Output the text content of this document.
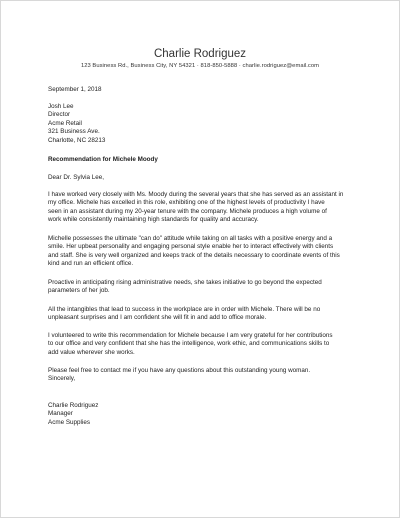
Charlie Rodriguez
123 Business Rd., Business City, NY 54321 · 818-850-5888 · charlie.rodriguez@email.com
September 1, 2018
Josh Lee
Director
Acme Retail
321 Business Ave.
Charlotte, NC 28213
Recommendation for Michele Moody
Dear Dr. Sylvia Lee,
I have worked very closely with Ms. Moody during the several years that she has served as an assistant in
my office. Michele has excelled in this role, exhibiting one of the highest levels of productivity I have
seen in an assistant during my 20-year tenure with the company. Michele produces a high volume of
work while consistently maintaining high standards for quality and accuracy.
Michelle possesses the ultimate "can do" attitude while taking on all tasks with a positive energy and a
smile. Her upbeat personality and engaging personal style enable her to interact effectively with clients
and staff. She is very well organized and keeps track of the details necessary to coordinate events of this
kind and run an efficient office.
Proactive in anticipating rising administrative needs, she takes initiative to go beyond the expected
parameters of her job.
All the intangibles that lead to success in the workplace are in order with Michele. There will be no
unpleasant surprises and I am confident she will fit in and add to office morale.
I volunteered to write this recommendation for Michele because I am very grateful for her contributions
to our office and very confident that she has the intelligence, work ethic, and communications skills to
add value wherever she works.
Please feel free to contact me if you have any questions about this outstanding young woman.
Sincerely,
Charlie Rodriguez
Manager
Acme Supplies
